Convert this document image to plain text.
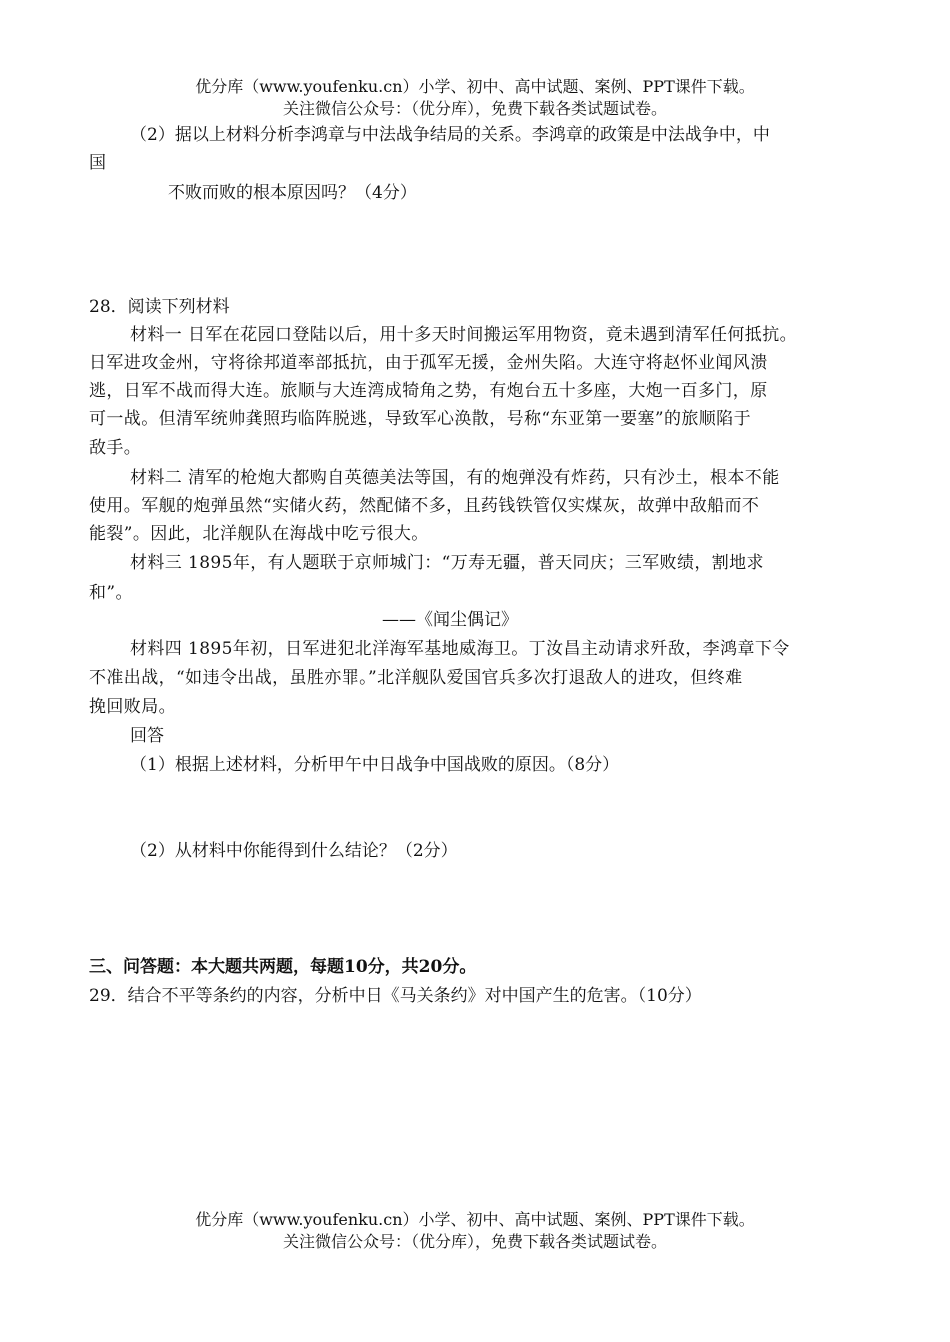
优分库（www.youfenku.cn）小学、初中、高中试题、案例、PPT课件下载。
关注微信公众号：（优分库），免费下载各类试题试卷。
（2）据以上材料分析李鸿章与中法战争结局的关系。李鸿章的政策是中法战争中，中
国
不败而败的根本原因吗？（4分）
28．阅读下列材料
材料一 日军在花园口登陆以后，用十多天时间搬运军用物资，竟未遇到清军任何抵抗。
日军进攻金州，守将徐邦道率部抵抗，由于孤军无援，金州失陷。大连守将赵怀业闻风溃
逃，日军不战而得大连。旅顺与大连湾成犄角之势，有炮台五十多座，大炮一百多门，原
可一战。但清军统帅龚照玙临阵脱逃，导致军心涣散，号称“东亚第一要塞”的旅顺陷于
敌手。
材料二 清军的枪炮大都购自英德美法等国，有的炮弹没有炸药，只有沙土，根本不能
使用。军舰的炮弹虽然“实储火药，然配储不多，且药钱铁管仅实煤灰，故弹中敌船而不
能裂”。因此，北洋舰队在海战中吃亏很大。
材料三 1895年，有人题联于京师城门：“万寿无疆，普天同庆；三军败绩，割地求
和”。
——《闻尘偶记》
材料四 1895年初，日军进犯北洋海军基地威海卫。丁汝昌主动请求歼敌，李鸿章下令
不准出战，“如违令出战，虽胜亦罪。”北洋舰队爱国官兵多次打退敌人的进攻，但终难
挽回败局。
回答
（1）根据上述材料，分析甲午中日战争中国战败的原因。（8分）
（2）从材料中你能得到什么结论？（2分）
三、问答题：本大题共两题，每题10分，共20分。
29．结合不平等条约的内容，分析中日《马关条约》对中国产生的危害。（10分）
优分库（www.youfenku.cn）小学、初中、高中试题、案例、PPT课件下载。
关注微信公众号：（优分库），免费下载各类试题试卷。
